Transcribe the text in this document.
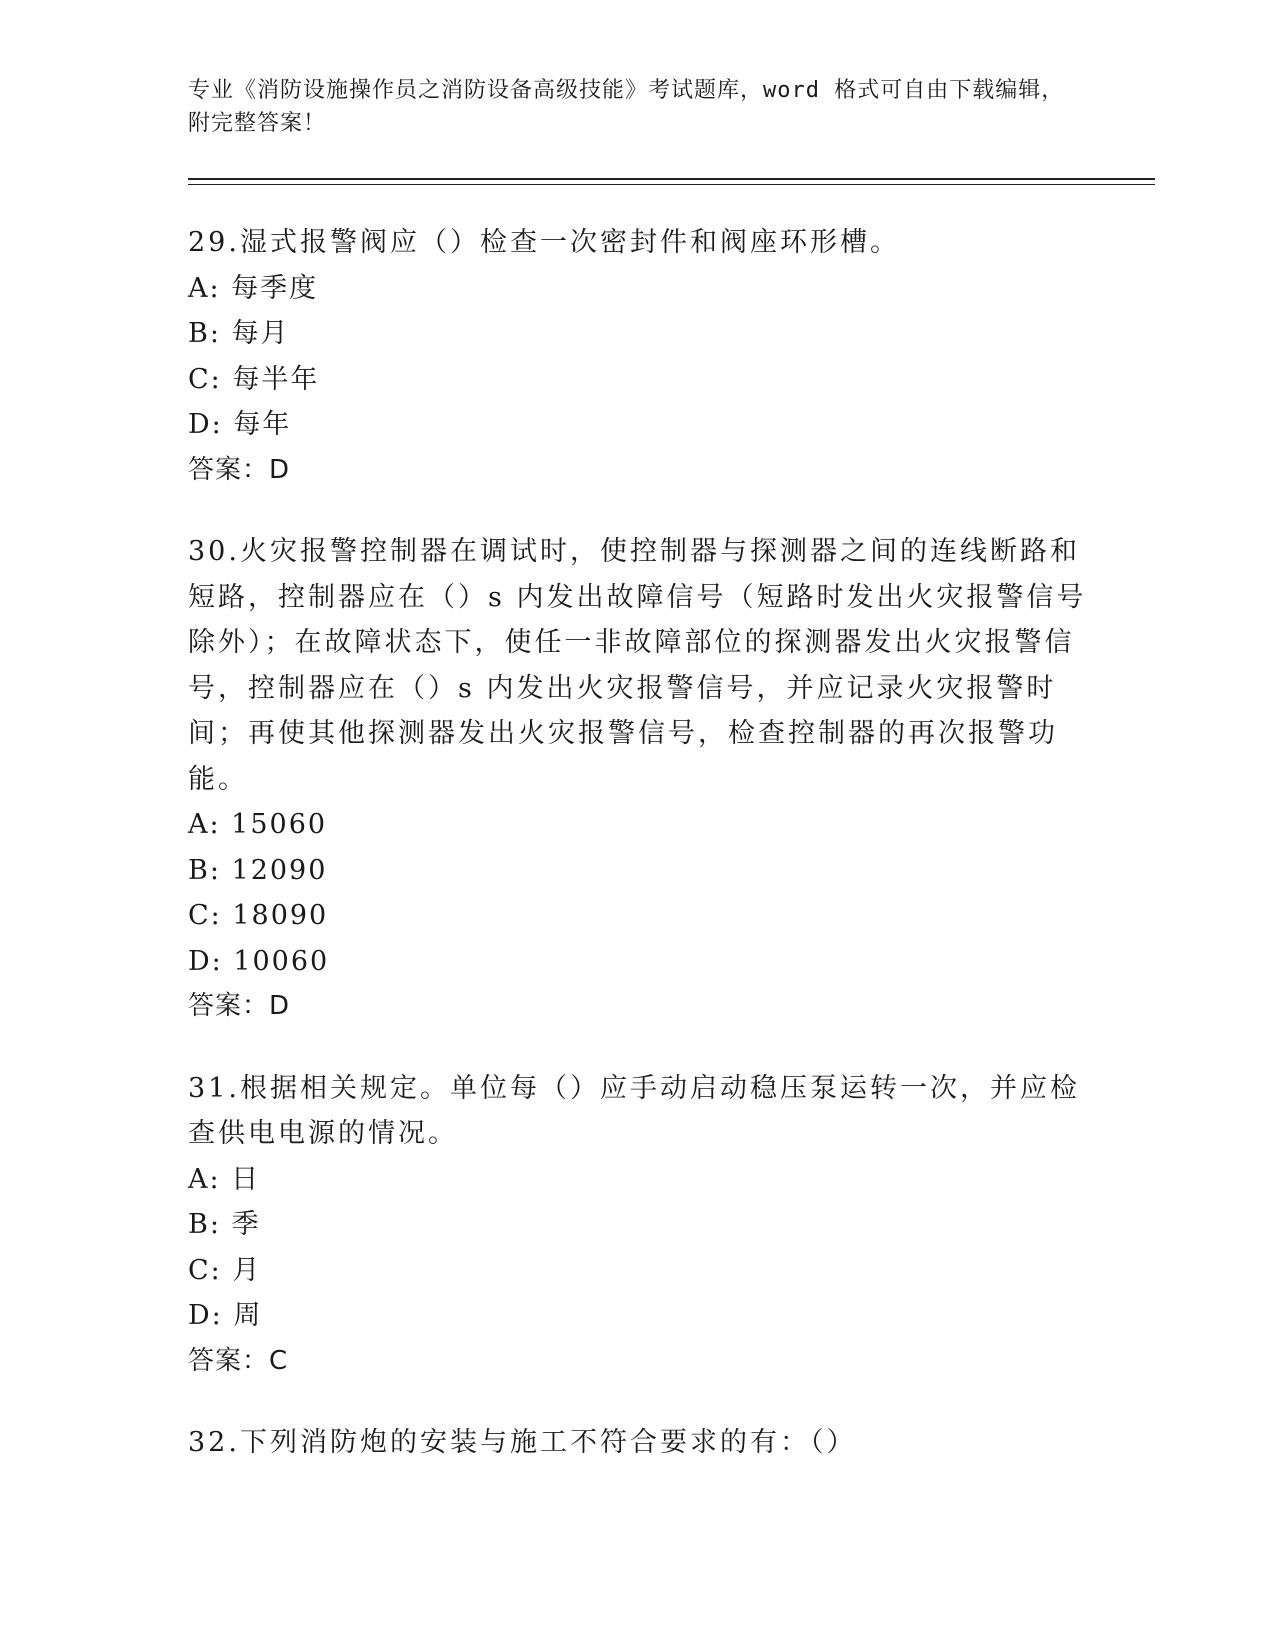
专业《消防设施操作员之消防设备高级技能》考试题库，word 格式可自由下载编辑，附完整答案！
29.湿式报警阀应（）检查一次密封件和阀座环形槽。
A: 每季度
B: 每月
C: 每半年
D: 每年
答案：D
30.火灾报警控制器在调试时，使控制器与探测器之间的连线断路和短路，控制器应在（）s 内发出故障信号（短路时发出火灾报警信号除外）；在故障状态下，使任一非故障部位的探测器发出火灾报警信号，控制器应在（）s 内发出火灾报警信号，并应记录火灾报警时间；再使其他探测器发出火灾报警信号，检查控制器的再次报警功能。
A: 15060
B: 12090
C: 18090
D: 10060
答案：D
31.根据相关规定。单位每（）应手动启动稳压泵运转一次，并应检查供电电源的情况。
A: 日
B: 季
C: 月
D: 周
答案：C
32.下列消防炮的安装与施工不符合要求的有：（）
